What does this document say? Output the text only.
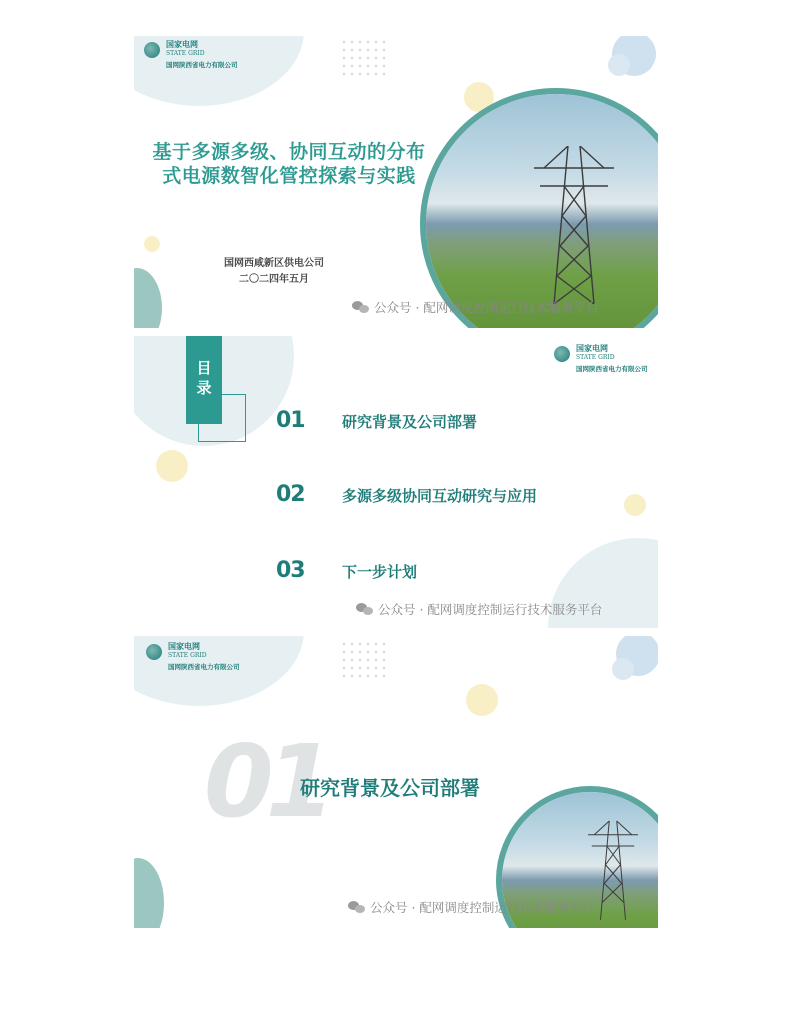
国家电网
STATE GRID
国网陕西省电力有限公司
基于多源多级、协同互动的分布
式电源数智化管控探索与实践
国网西咸新区供电公司
二〇二四年五月
公众号 · 配网调度控制运行技术服务平台
目录
国家电网
STATE GRID
国网陕西省电力有限公司
01 研究背景及公司部署
02 多源多级协同互动研究与应用
03 下一步计划
公众号 · 配网调度控制运行技术服务平台
国家电网
STATE GRID
国网陕西省电力有限公司
01
研究背景及公司部署
公众号 · 配网调度控制运行技术服务平台
